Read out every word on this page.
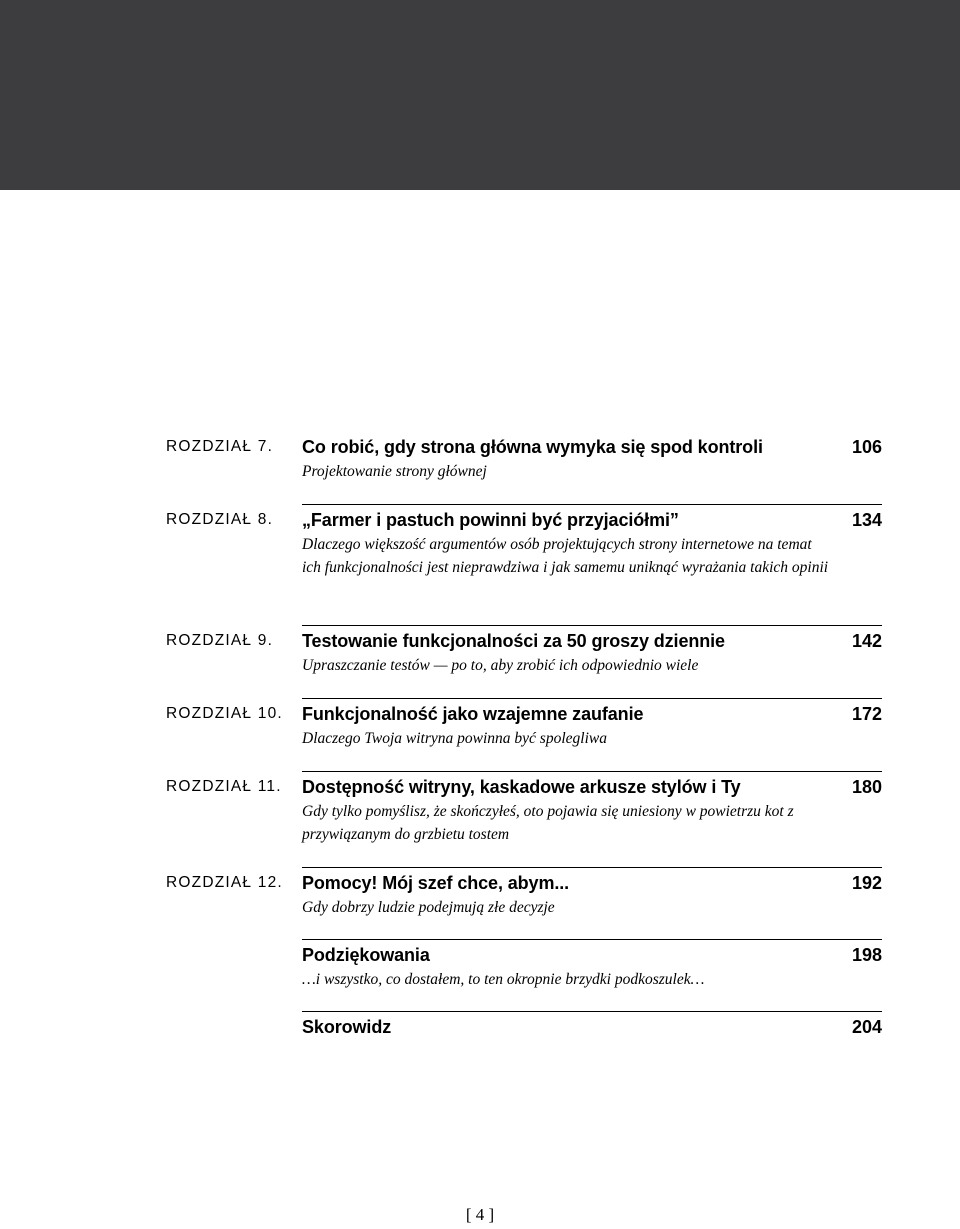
ROZDZIAŁ 7. Co robić, gdy strona główna wymyka się spod kontroli	106

Projektowanie strony głównej

ROZDZIAŁ 8. „Farmer i pastuch powinni być przyjaciółmi”	134

Dlaczego większość argumentów osób projektujących strony internetowe na temat ich funkcjonalności jest nieprawdziwa i jak samemu uniknąć wyrażania takich opinii

ROZDZIAŁ 9. Testowanie funkcjonalności za 50 groszy dziennie	142

Upraszczanie testów — po to, aby zrobić ich odpowiednio wiele

ROZDZIAŁ 10. Funkcjonalność jako wzajemne zaufanie	172

Dlaczego Twoja witryna powinna być spolegliwa

ROZDZIAŁ 11. Dostępność witryny, kaskadowe arkusze stylów i Ty	180

Gdy tylko pomyślisz, że skończyłeś, oto pojawia się uniesiony w powietrzu kot z przywiązanym do grzbietu tostem

ROZDZIAŁ 12. Pomocy! Mój szef chce, abym...	192

Gdy dobrzy ludzie podejmują złe decyzje

Podziękowania	198

…i wszystko, co dostałem, to ten okropnie brzydki podkoszulek…

Skorowidz	204
[ 4 ]
